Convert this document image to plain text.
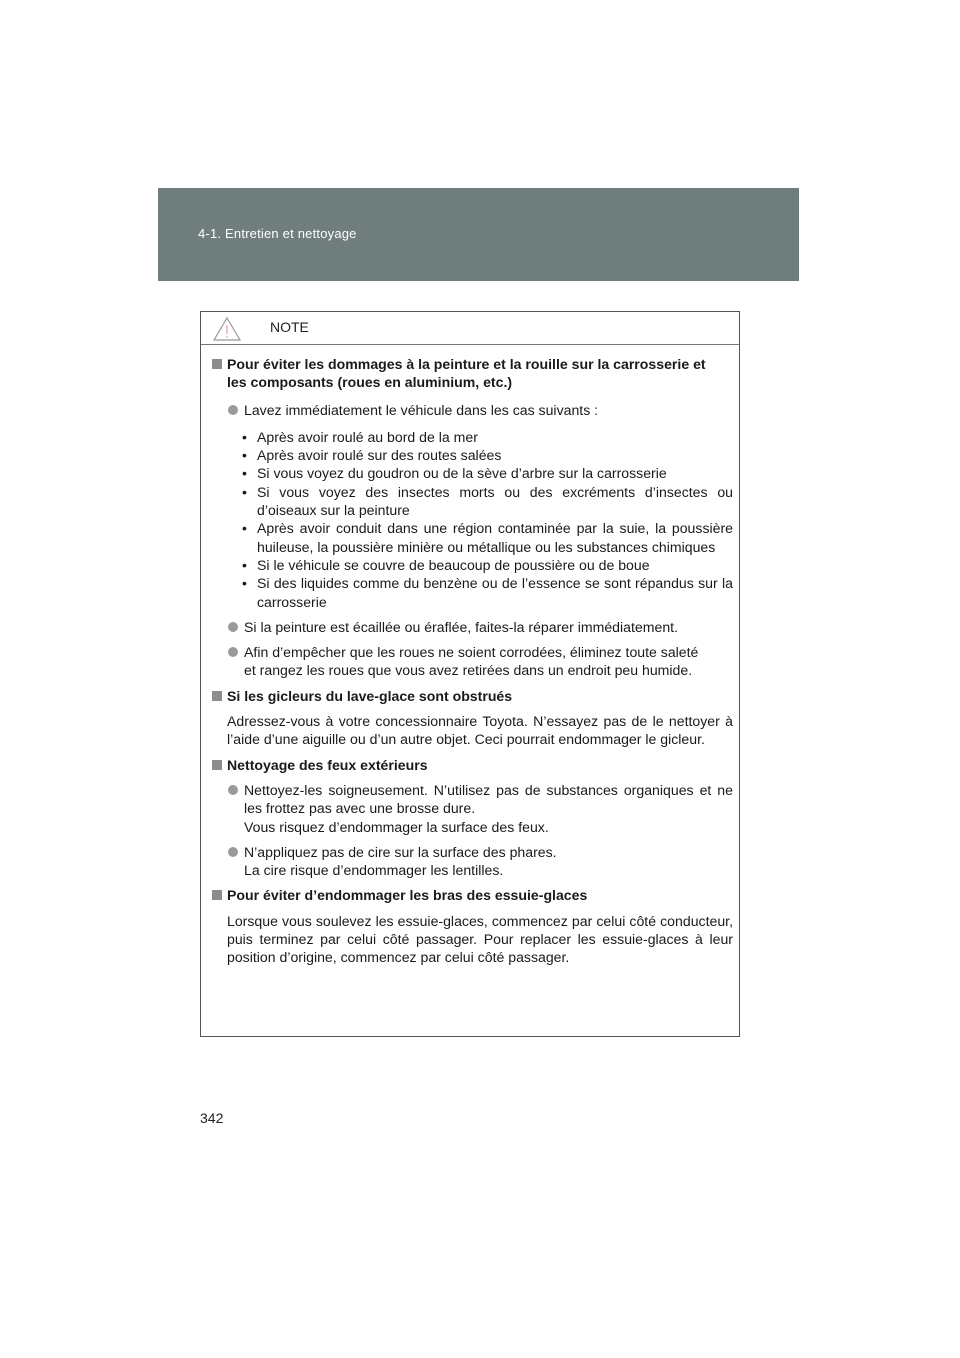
4-1. Entretien et nettoyage
NOTE
Pour éviter les dommages à la peinture et la rouille sur la carrosserie et
les composants (roues en aluminium, etc.)
Lavez immédiatement le véhicule dans les cas suivants :
• Après avoir roulé au bord de la mer
• Après avoir roulé sur des routes salées
• Si vous voyez du goudron ou de la sève d’arbre sur la carrosserie
• Si vous voyez des insectes morts ou des excréments d’insectes ou d’oiseaux sur la peinture
• Après avoir conduit dans une région contaminée par la suie, la poussière huileuse, la poussière minière ou métallique ou les substances chimiques
• Si le véhicule se couvre de beaucoup de poussière ou de boue
• Si des liquides comme du benzène ou de l’essence se sont répandus sur la carrosserie
Si la peinture est écaillée ou éraflée, faites-la réparer immédiatement.
Afin d’empêcher que les roues ne soient corrodées, éliminez toute saleté
et rangez les roues que vous avez retirées dans un endroit peu humide.
Si les gicleurs du lave-glace sont obstrués
Adressez-vous à votre concessionnaire Toyota. N’essayez pas de le nettoyer à l’aide d’une aiguille ou d’un autre objet. Ceci pourrait endommager le gicleur.
Nettoyage des feux extérieurs
Nettoyez-les soigneusement. N’utilisez pas de substances organiques et ne les frottez pas avec une brosse dure.
Vous risquez d’endommager la surface des feux.
N’appliquez pas de cire sur la surface des phares.
La cire risque d’endommager les lentilles.
Pour éviter d’endommager les bras des essuie-glaces
Lorsque vous soulevez les essuie-glaces, commencez par celui côté conducteur, puis terminez par celui côté passager. Pour replacer les essuie-glaces à leur position d’origine, commencez par celui côté passager.
342
